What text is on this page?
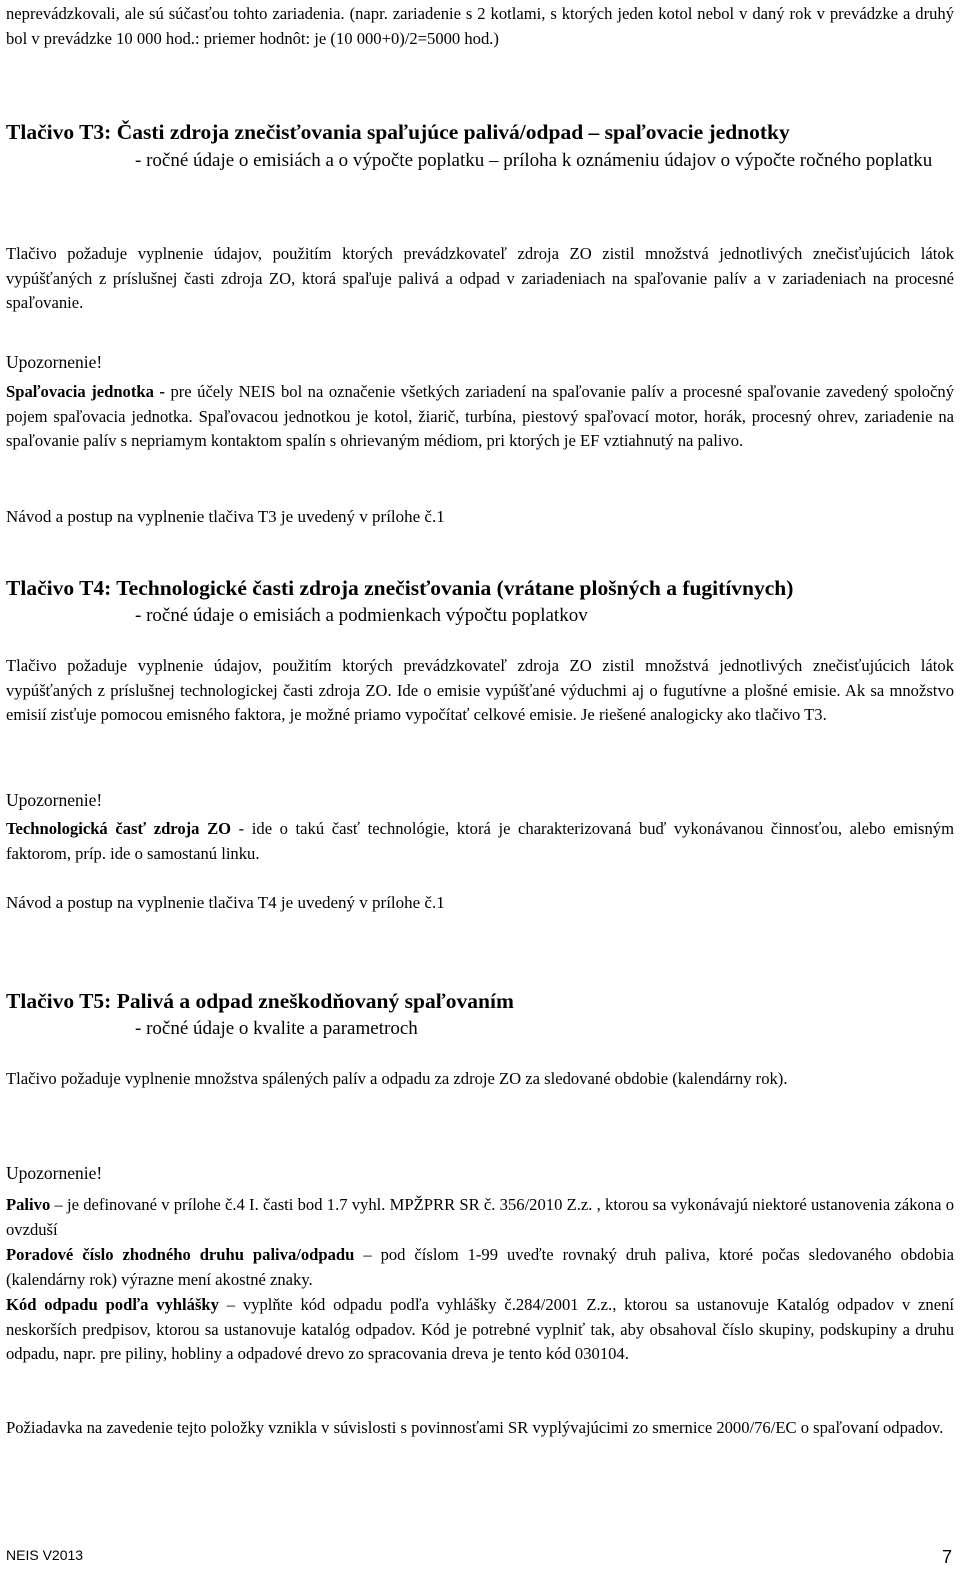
neprevádzkovali, ale sú súčasťou tohto zariadenia. (napr. zariadenie s 2 kotlami, s ktorých jeden kotol nebol v daný rok v prevádzke a druhý bol v prevádzke 10 000 hod.: priemer hodnôt: je (10 000+0)/2=5000 hod.)

Tlačivo T3: Časti zdroja znečisťovania spaľujúce palivá/odpad – spaľovacie jednotky

- ročné údaje o emisiách a o výpočte poplatku – príloha k oznámeniu údajov o výpočte ročného poplatku

Tlačivo požaduje vyplnenie údajov, použitím ktorých prevádzkovateľ zdroja ZO zistil množstvá jednotlivých znečisťujúcich látok vypúšťaných z príslušnej časti zdroja ZO, ktorá spaľuje palivá a odpad v zariadeniach na spaľovanie palív a v zariadeniach na procesné spaľovanie.

Upozornenie!

Spaľovacia jednotka - pre účely NEIS bol na označenie všetkých zariadení na spaľovanie palív a procesné spaľovanie zavedený spoločný pojem spaľovacia jednotka. Spaľovacou jednotkou je kotol, žiarič, turbína, piestový spaľovací motor, horák, procesný ohrev, zariadenie na spaľovanie palív s nepriamym kontaktom spalín s ohrievaným médiom, pri ktorých je EF vztiahnutý na palivo.

Návod a postup na vyplnenie tlačiva T3 je uvedený v prílohe č.1

Tlačivo T4: Technologické časti zdroja znečisťovania (vrátane plošných a fugitívnych)

- ročné údaje o emisiách a podmienkach výpočtu poplatkov

Tlačivo požaduje vyplnenie údajov, použitím ktorých prevádzkovateľ zdroja ZO zistil množstvá jednotlivých znečisťujúcich látok vypúšťaných z príslušnej technologickej časti zdroja ZO. Ide o emisie vypúšťané výduchmi aj o fugutívne a plošné emisie. Ak sa množstvo emisií zisťuje pomocou emisného faktora, je možné priamo vypočítať celkové emisie. Je riešené analogicky ako tlačivo T3.

Upozornenie!

Technologická časť zdroja ZO - ide o takú časť technológie, ktorá je charakterizovaná buď vykonávanou činnosťou, alebo emisným faktorom, príp. ide o samostanú linku.

Návod a postup na vyplnenie tlačiva T4 je uvedený v prílohe č.1

Tlačivo T5: Palivá a odpad zneškodňovaný spaľovaním

- ročné údaje o kvalite a parametroch

Tlačivo požaduje vyplnenie množstva spálených palív a odpadu za zdroje ZO za sledované obdobie (kalendárny rok).

Upozornenie!

Palivo – je definované v prílohe č.4 I. časti bod 1.7 vyhl. MPŽPRR SR č. 356/2010 Z.z. , ktorou sa vykonávajú niektoré ustanovenia zákona o ovzduší

Poradové číslo zhodného druhu paliva/odpadu – pod číslom 1-99 uveďte rovnaký druh paliva, ktoré počas sledovaného obdobia (kalendárny rok) výrazne mení akostné znaky.

Kód odpadu podľa vyhlášky – vyplňte kód odpadu podľa vyhlášky č.284/2001 Z.z., ktorou sa ustanovuje Katalóg odpadov v znení neskorších predpisov, ktorou sa ustanovuje katalóg odpadov. Kód je potrebné vyplniť tak, aby obsahoval číslo skupiny, podskupiny a druhu odpadu, napr. pre piliny, hobliny a odpadové drevo zo spracovania dreva je tento kód 030104.

Požiadavka na zavedenie tejto položky vznikla v súvislosti s povinnosťami SR vyplývajúcimi zo smernice 2000/76/EC o spaľovaní odpadov.

NEIS V2013	7
